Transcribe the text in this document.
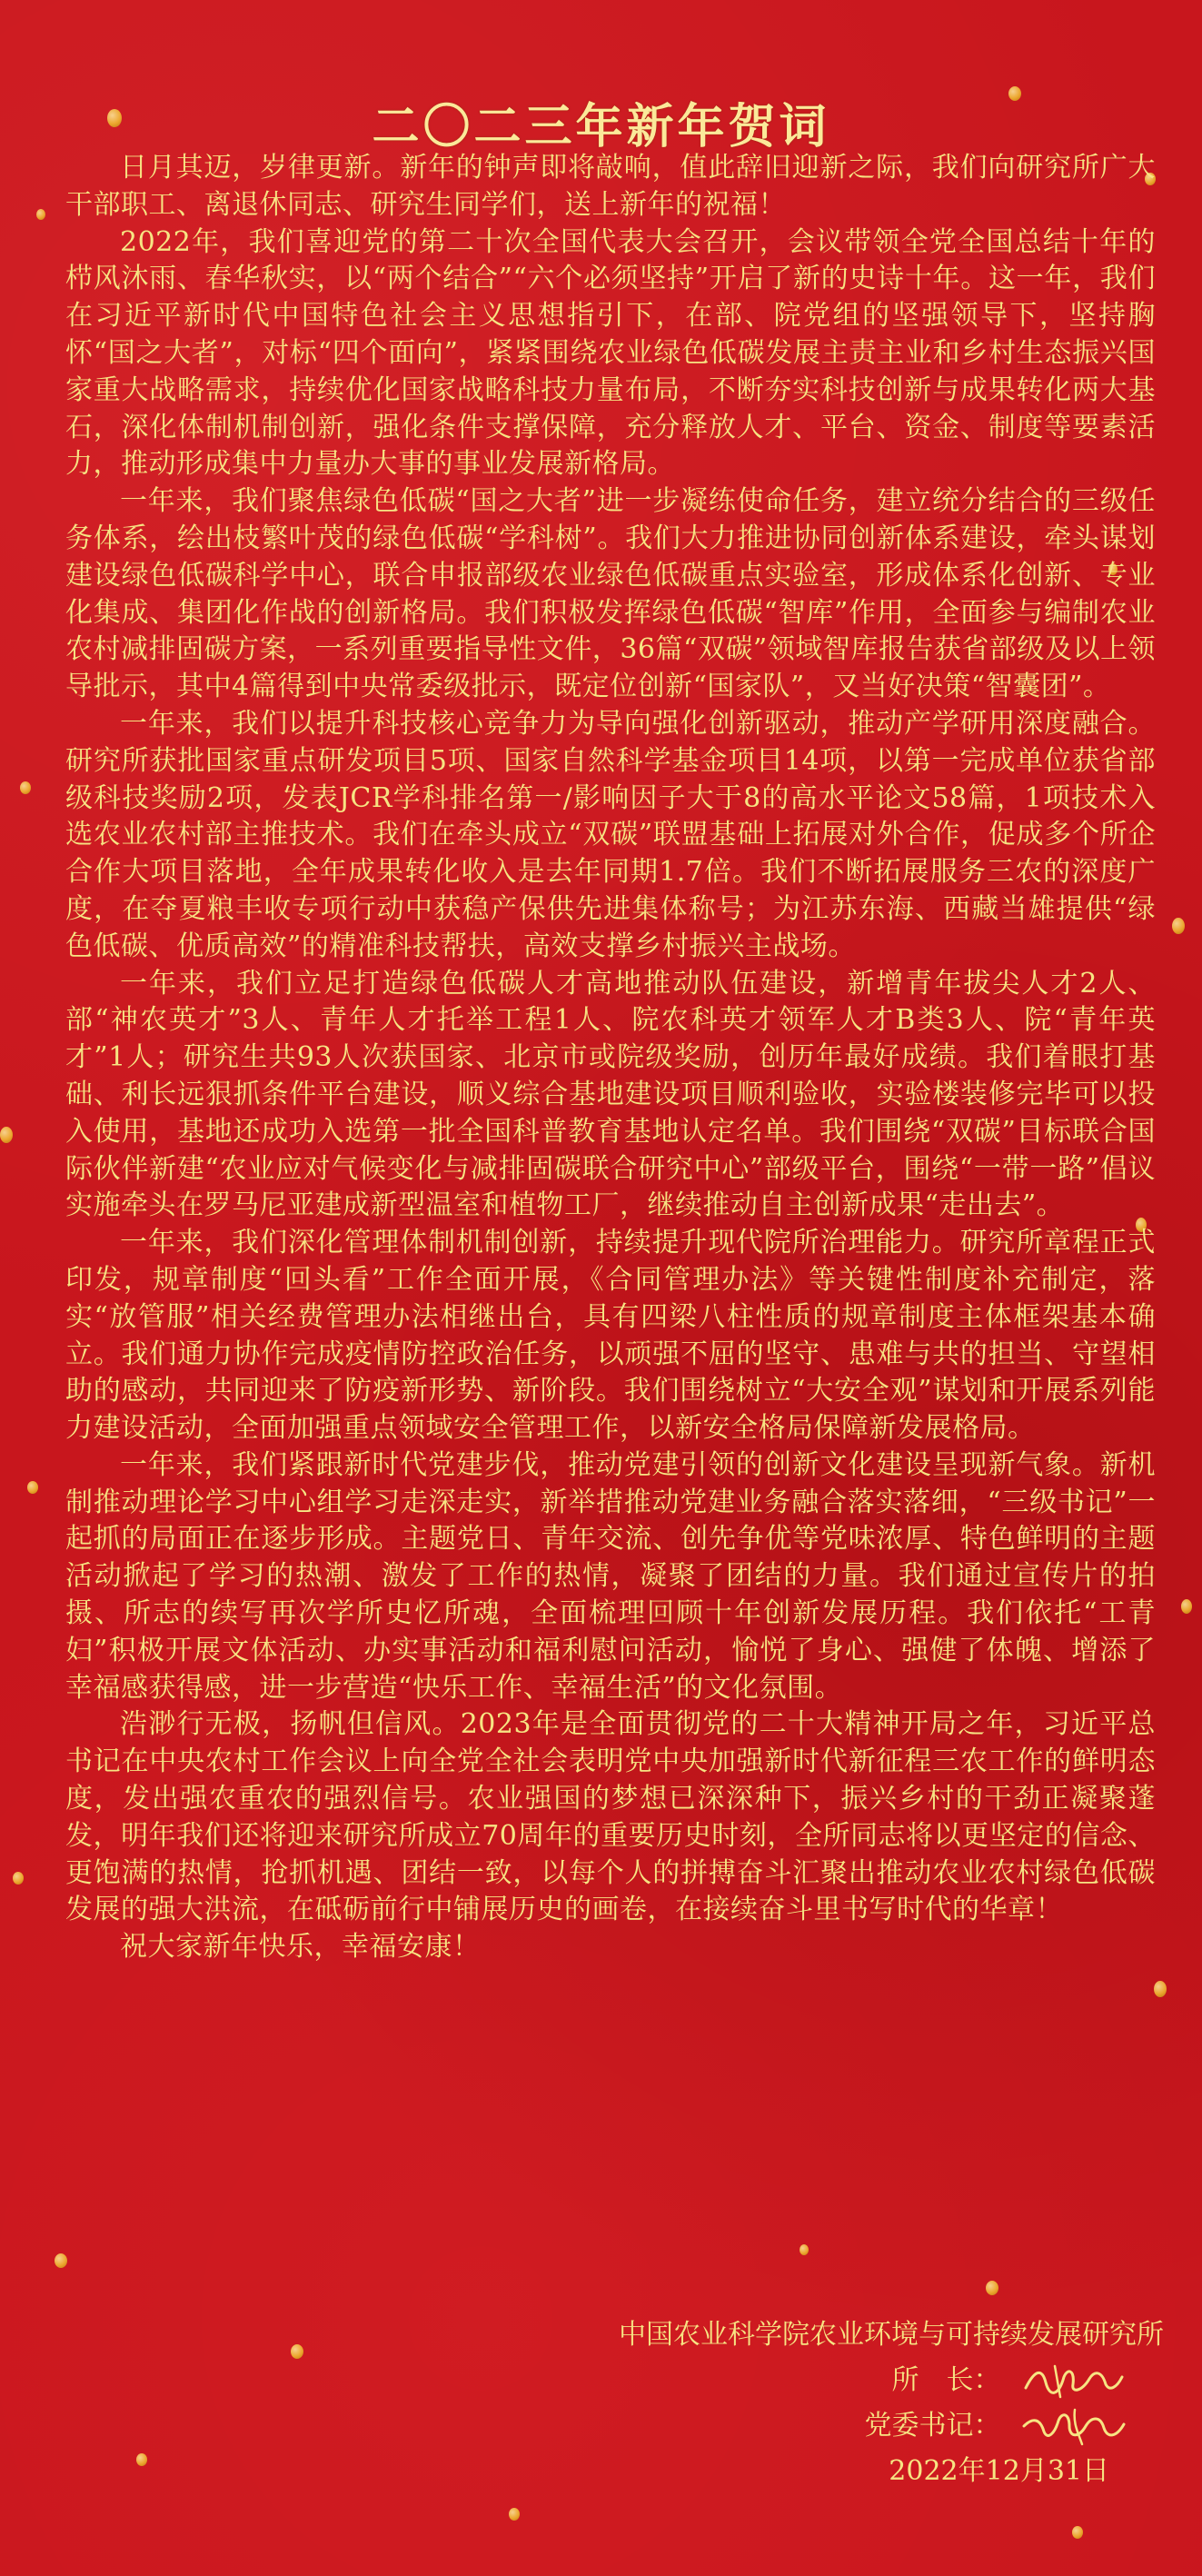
二〇二三年新年贺词

日月其迈，岁律更新。新年的钟声即将敲响，值此辞旧迎新之际，我们向研究所广大干部职工、离退休同志、研究生同学们，送上新年的祝福！

2022年，我们喜迎党的第二十次全国代表大会召开，会议带领全党全国总结十年的栉风沐雨、春华秋实，以“两个结合”“六个必须坚持”开启了新的史诗十年。这一年，我们在习近平新时代中国特色社会主义思想指引下，在部、院党组的坚强领导下，坚持胸怀“国之大者”，对标“四个面向”，紧紧围绕农业绿色低碳发展主责主业和乡村生态振兴国家重大战略需求，持续优化国家战略科技力量布局，不断夯实科技创新与成果转化两大基石，深化体制机制创新，强化条件支撑保障，充分释放人才、平台、资金、制度等要素活力，推动形成集中力量办大事的事业发展新格局。

一年来，我们聚焦绿色低碳“国之大者”进一步凝练使命任务，建立统分结合的三级任务体系，绘出枝繁叶茂的绿色低碳“学科树”。我们大力推进协同创新体系建设，牵头谋划建设绿色低碳科学中心，联合申报部级农业绿色低碳重点实验室，形成体系化创新、专业化集成、集团化作战的创新格局。我们积极发挥绿色低碳“智库”作用，全面参与编制农业农村减排固碳方案，一系列重要指导性文件，36篇“双碳”领域智库报告获省部级及以上领导批示，其中4篇得到中央常委级批示，既定位创新“国家队”，又当好决策“智囊团”。

一年来，我们以提升科技核心竞争力为导向强化创新驱动，推动产学研用深度融合。研究所获批国家重点研发项目5项、国家自然科学基金项目14项，以第一完成单位获省部级科技奖励2项，发表JCR学科排名第一/影响因子大于8的高水平论文58篇，1项技术入选农业农村部主推技术。我们在牵头成立“双碳”联盟基础上拓展对外合作，促成多个所企合作大项目落地，全年成果转化收入是去年同期1.7倍。我们不断拓展服务三农的深度广度，在夺夏粮丰收专项行动中获稳产保供先进集体称号；为江苏东海、西藏当雄提供“绿色低碳、优质高效”的精准科技帮扶，高效支撑乡村振兴主战场。

一年来，我们立足打造绿色低碳人才高地推动队伍建设，新增青年拔尖人才2人、部“神农英才”3人、青年人才托举工程1人、院农科英才领军人才B类3人、院“青年英才”1人；研究生共93人次获国家、北京市或院级奖励，创历年最好成绩。我们着眼打基础、利长远狠抓条件平台建设，顺义综合基地建设项目顺利验收，实验楼装修完毕可以投入使用，基地还成功入选第一批全国科普教育基地认定名单。我们围绕“双碳”目标联合国际伙伴新建“农业应对气候变化与减排固碳联合研究中心”部级平台，围绕“一带一路”倡议实施牵头在罗马尼亚建成新型温室和植物工厂，继续推动自主创新成果“走出去”。

一年来，我们深化管理体制机制创新，持续提升现代院所治理能力。研究所章程正式印发，规章制度“回头看”工作全面开展，《合同管理办法》等关键性制度补充制定，落实“放管服”相关经费管理办法相继出台，具有四梁八柱性质的规章制度主体框架基本确立。我们通力协作完成疫情防控政治任务，以顽强不屈的坚守、患难与共的担当、守望相助的感动，共同迎来了防疫新形势、新阶段。我们围绕树立“大安全观”谋划和开展系列能力建设活动，全面加强重点领域安全管理工作，以新安全格局保障新发展格局。

一年来，我们紧跟新时代党建步伐，推动党建引领的创新文化建设呈现新气象。新机制推动理论学习中心组学习走深走实，新举措推动党建业务融合落实落细，“三级书记”一起抓的局面正在逐步形成。主题党日、青年交流、创先争优等党味浓厚、特色鲜明的主题活动掀起了学习的热潮、激发了工作的热情，凝聚了团结的力量。我们通过宣传片的拍摄、所志的续写再次学所史忆所魂，全面梳理回顾十年创新发展历程。我们依托“工青妇”积极开展文体活动、办实事活动和福利慰问活动，愉悦了身心、强健了体魄、增添了幸福感获得感，进一步营造“快乐工作、幸福生活”的文化氛围。

浩渺行无极，扬帆但信风。2023年是全面贯彻党的二十大精神开局之年，习近平总书记在中央农村工作会议上向全党全社会表明党中央加强新时代新征程三农工作的鲜明态度，发出强农重农的强烈信号。农业强国的梦想已深深种下，振兴乡村的干劲正凝聚蓬发，明年我们还将迎来研究所成立70周年的重要历史时刻，全所同志将以更坚定的信念、更饱满的热情，抢抓机遇、团结一致，以每个人的拼搏奋斗汇聚出推动农业农村绿色低碳发展的强大洪流，在砥砺前行中铺展历史的画卷，在接续奋斗里书写时代的华章！

祝大家新年快乐，幸福安康！

中国农业科学院农业环境与可持续发展研究所
所　长：
党委书记：
2022年12月31日
